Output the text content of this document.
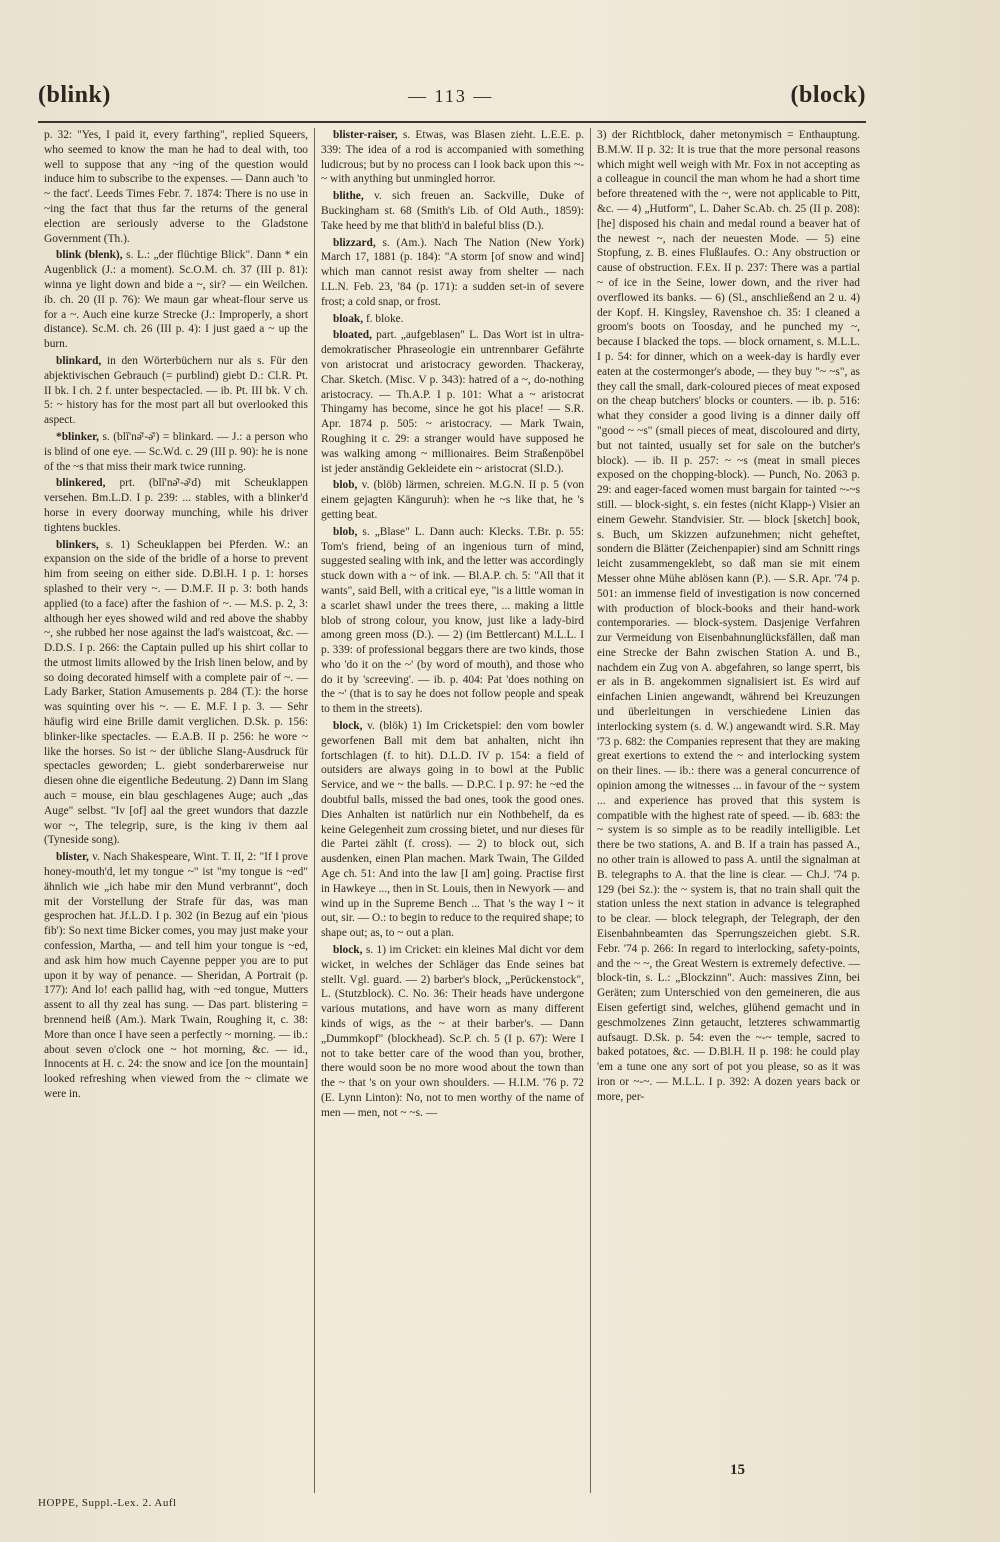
(blink)	— 113 —	(block)

p. 32: "Yes, I paid it, every farthing", replied Squeers, who seemed to know the man he had to deal with, too well to suppose that any ~ing of the question would induce him to subscribe to the expenses. — Dann auch 'to ~ the fact'. Leeds Times Febr. 7. 1874: There is no use in ~ing the fact that thus far the returns of the general election are seriously adverse to the Gladstone Government (Th.).

blink (blenk), s. L.: „der flüchtige Blick". Dann * ein Augenblick (J.: a moment). Sc.O.M. ch. 37 (III p. 81): winna ye light down and bide a ~, sir? — ein Weilchen. ib. ch. 20 (II p. 76): We maun gar wheat-flour serve us for a ~. Auch eine kurze Strecke (J.: Improperly, a short distance). Sc.M. ch. 26 (III p. 4): I just gaed a ~ up the burn.

blinkard, in den Wörterbüchern nur als s. Für den abjektivischen Gebrauch (= purblind) giebt D.: Cl.R. Pt. II bk. I ch. 2 f. unter bespectacled. — ib. Pt. III bk. V ch. 5: ~ history has for the most part all but overlooked this aspect.

*blinker, s. (blĭ'nə̆ʳ-ə̆ʳ) = blinkard. — J.: a person who is blind of one eye. — Sc.Wd. c. 29 (III p. 90): he is none of the ~s that miss their mark twice running.

blinkered, prt. (blĭ'nə̆ʳ-ə̆ʳd) mit Scheuklappen versehen. Bm.L.D. I p. 239: ... stables, with a blinker'd horse in every doorway munching, while his driver tightens buckles.

blinkers, s. 1) Scheuklappen bei Pferden. W.: an expansion on the side of the bridle of a horse to prevent him from seeing on either side. D.Bl.H. I p. 1: horses splashed to their very ~. — D.M.F. II p. 3: both hands applied (to a face) after the fashion of ~. — M.S. p. 2, 3: although her eyes showed wild and red above the shabby ~, she rubbed her nose against the lad's waistcoat, &c. — D.D.S. I p. 266: the Captain pulled up his shirt collar to the utmost limits allowed by the Irish linen below, and by so doing decorated himself with a complete pair of ~. — Lady Barker, Station Amusements p. 284 (T.): the horse was squinting over his ~. — E. M.F. I p. 3. — Sehr häufig wird eine Brille damit verglichen. D.Sk. p. 156: blinker-like spectacles. — E.A.B. II p. 256: he wore ~ like the horses. So ist ~ der übliche Slang-Ausdruck für spectacles geworden; L. giebt sonderbarerweise nur diesen ohne die eigentliche Bedeutung. 2) Dann im Slang auch = mouse, ein blau geschlagenes Auge; auch „das Auge" selbst. "Iv [of] aal the greet wundors that dazzle wor ~, The telegrip, sure, is the king iv them aal (Tyneside song).

blister, v. Nach Shakespeare, Wint. T. II, 2: "If I prove honey-mouth'd, let my tongue ~" ist "my tongue is ~ed" ähnlich wie „ich habe mir den Mund verbrannt", doch mit der Vorstellung der Strafe für das, was man gesprochen hat. Jf.L.D. I p. 302 (in Bezug auf ein 'pious fib'): So next time Bicker comes, you may just make your confession, Martha, — and tell him your tongue is ~ed, and ask him how much Cayenne pepper you are to put upon it by way of penance. — Sheridan, A Portrait (p. 177): And lo! each pallid hag, with ~ed tongue, Mutters assent to all thy zeal has sung. — Das part. blistering = brennend heiß (Am.). Mark Twain, Roughing it, c. 38: More than once I have seen a perfectly ~ morning. — ib.: about seven o'clock one ~ hot morning, &c. — id., Innocents at H. c. 24: the snow and ice [on the mountain] looked refreshing when viewed from the ~ climate we were in.

blister-raiser, s. Etwas, was Blasen zieht. L.E.E. p. 339: The idea of a rod is accompanied with something ludicrous; but by no process can I look back upon this ~-~ with anything but unmingled horror.

blithe, v. sich freuen an. Sackville, Duke of Buckingham st. 68 (Smith's Lib. of Old Auth., 1859): Take heed by me that blith'd in baleful bliss (D.).

blizzard, s. (Am.). Nach The Nation (New York) March 17, 1881 (p. 184): "A storm [of snow and wind] which man cannot resist away from shelter — nach I.L.N. Feb. 23, '84 (p. 171): a sudden set-in of severe frost; a cold snap, or frost.

bloak, f. bloke.

bloated, part. „aufgeblasen" L. Das Wort ist in ultra-demokratischer Phraseologie ein untrennbarer Gefährte von aristocrat und aristocracy geworden. Thackeray, Char. Sketch. (Misc. V p. 343): hatred of a ~, do-nothing aristocracy. — Th.A.P. I p. 101: What a ~ aristocrat Thingamy has become, since he got his place! — S.R. Apr. 1874 p. 505: ~ aristocracy. — Mark Twain, Roughing it c. 29: a stranger would have supposed he was walking among ~ millionaires. Beim Straßenpöbel ist jeder anständig Gekleidete ein ~ aristocrat (Sl.D.).

blob, v. (blöb) lärmen, schreien. M.G.N. II p. 5 (von einem gejagten Känguruh): when he ~s like that, he 's getting beat.

blob, s. „Blase" L. Dann auch: Klecks. T.Br. p. 55: Tom's friend, being of an ingenious turn of mind, suggested sealing with ink, and the letter was accordingly stuck down with a ~ of ink. — Bl.A.P. ch. 5: "All that it wants", said Bell, with a critical eye, "is a little woman in a scarlet shawl under the trees there, ... making a little blob of strong colour, you know, just like a lady-bird among green moss (D.). — 2) (im Bettlercant) M.L.L. I p. 339: of professional beggars there are two kinds, those who 'do it on the ~' (by word of mouth), and those who do it by 'screeving'. — ib. p. 404: Pat 'does nothing on the ~' (that is to say he does not follow people and speak to them in the streets).

block, v. (blök) 1) Im Cricketspiel: den vom bowler geworfenen Ball mit dem bat anhalten, nicht ihn fortschlagen (f. to hit). D.L.D. IV p. 154: a field of outsiders are always going in to bowl at the Public Service, and we ~ the balls. — D.P.C. I p. 97: he ~ed the doubtful balls, missed the bad ones, took the good ones. Dies Anhalten ist natürlich nur ein Nothbehelf, da es keine Gelegenheit zum crossing bietet, und nur dieses für die Partei zählt (f. cross). — 2) to block out, sich ausdenken, einen Plan machen. Mark Twain, The Gilded Age ch. 51: And into the law [I am] going. Practise first in Hawkeye ..., then in St. Louis, then in Newyork — and wind up in the Supreme Bench ... That 's the way I ~ it out, sir. — O.: to begin to reduce to the required shape; to shape out; as, to ~ out a plan.

block, s. 1) im Cricket: ein kleines Mal dicht vor dem wicket, in welches der Schläger das Ende seines bat stellt. Vgl. guard. — 2) barber's block, „Perückenstock", L. (Stutzblock). C. No. 36: Their heads have undergone various mutations, and have worn as many different kinds of wigs, as the ~ at their barber's. — Dann „Dummkopf" (blockhead). Sc.P. ch. 5 (I p. 67): Were I not to take better care of the wood than you, brother, there would soon be no more wood about the town than the ~ that 's on your own shoulders. — H.I.M. '76 p. 72 (E. Lynn Linton): No, not to men worthy of the name of men — men, not ~ ~s. —

3) der Richtblock, daher metonymisch = Enthauptung. B.M.W. II p. 32: It is true that the more personal reasons which might well weigh with Mr. Fox in not accepting as a colleague in council the man whom he had a short time before threatened with the ~, were not applicable to Pitt, &c. — 4) „Hutform", L. Daher Sc.Ab. ch. 25 (II p. 208): [he] disposed his chain and medal round a beaver hat of the newest ~, nach der neuesten Mode. — 5) eine Stopfung, z. B. eines Flußlaufes. O.: Any obstruction or cause of obstruction. F.Ex. II p. 237: There was a partial ~ of ice in the Seine, lower down, and the river had overflowed its banks. — 6) (Sl., anschließend an 2 u. 4) der Kopf. H. Kingsley, Ravenshoe ch. 35: I cleaned a groom's boots on Toosday, and he punched my ~, because I blacked the tops. — block ornament, s. M.L.L. I p. 54: for dinner, which on a week-day is hardly ever eaten at the costermonger's abode, — they buy "~ ~s", as they call the small, dark-coloured pieces of meat exposed on the cheap butchers' blocks or counters. — ib. p. 516: what they consider a good living is a dinner daily off "good ~ ~s" (small pieces of meat, discoloured and dirty, but not tainted, usually set for sale on the butcher's block). — ib. II p. 257: ~ ~s (meat in small pieces exposed on the chopping-block). — Punch, No. 2063 p. 29: and eager-faced women must bargain for tainted ~-~s still. — block-sight, s. ein festes (nicht Klapp-) Visier an einem Gewehr. Standvisier. Str. — block [sketch] book, s. Buch, um Skizzen aufzunehmen; nicht geheftet, sondern die Blätter (Zeichenpapier) sind am Schnitt rings leicht zusammengeklebt, so daß man sie mit einem Messer ohne Mühe ablösen kann (P.). — S.R. Apr. '74 p. 501: an immense field of investigation is now concerned with production of block-books and their hand-work contemporaries. — block-system. Dasjenige Verfahren zur Vermeidung von Eisenbahnunglücksfällen, daß man eine Strecke der Bahn zwischen Station A. und B., nachdem ein Zug von A. abgefahren, so lange sperrt, bis er als in B. angekommen signalisiert ist. Es wird auf einfachen Linien angewandt, während bei Kreuzungen und überleitungen in verschiedene Linien das interlocking system (s. d. W.) angewandt wird. S.R. May '73 p. 682: the Companies represent that they are making great exertions to extend the ~ and interlocking system on their lines. — ib.: there was a general concurrence of opinion among the witnesses ... in favour of the ~ system ... and experience has proved that this system is compatible with the highest rate of speed. — ib. 683: the ~ system is so simple as to be readily intelligible. Let there be two stations, A. and B. If a train has passed A., no other train is allowed to pass A. until the signalman at B. telegraphs to A. that the line is clear. — Ch.J. '74 p. 129 (bei Sz.): the ~ system is, that no train shall quit the station unless the next station in advance is telegraphed to be clear. — block telegraph, der Telegraph, der den Eisenbahnbeamten das Sperrungszeichen giebt. S.R. Febr. '74 p. 266: In regard to interlocking, safety-points, and the ~ ~, the Great Western is extremely defective. — block-tin, s. L.: „Blockzinn". Auch: massives Zinn, bei Geräten; zum Unterschied von den gemeineren, die aus Eisen gefertigt sind, welches, glühend gemacht und in geschmolzenes Zinn getaucht, letzteres schwammartig aufsaugt. D.Sk. p. 54: even the ~-~ temple, sacred to baked potatoes, &c. — D.Bl.H. II p. 198: he could play 'em a tune one any sort of pot you please, so as it was iron or ~-~. — M.L.L. I p. 392: A dozen years back or more, per-

HOPPE, Suppl.-Lex. 2. Aufl
15
